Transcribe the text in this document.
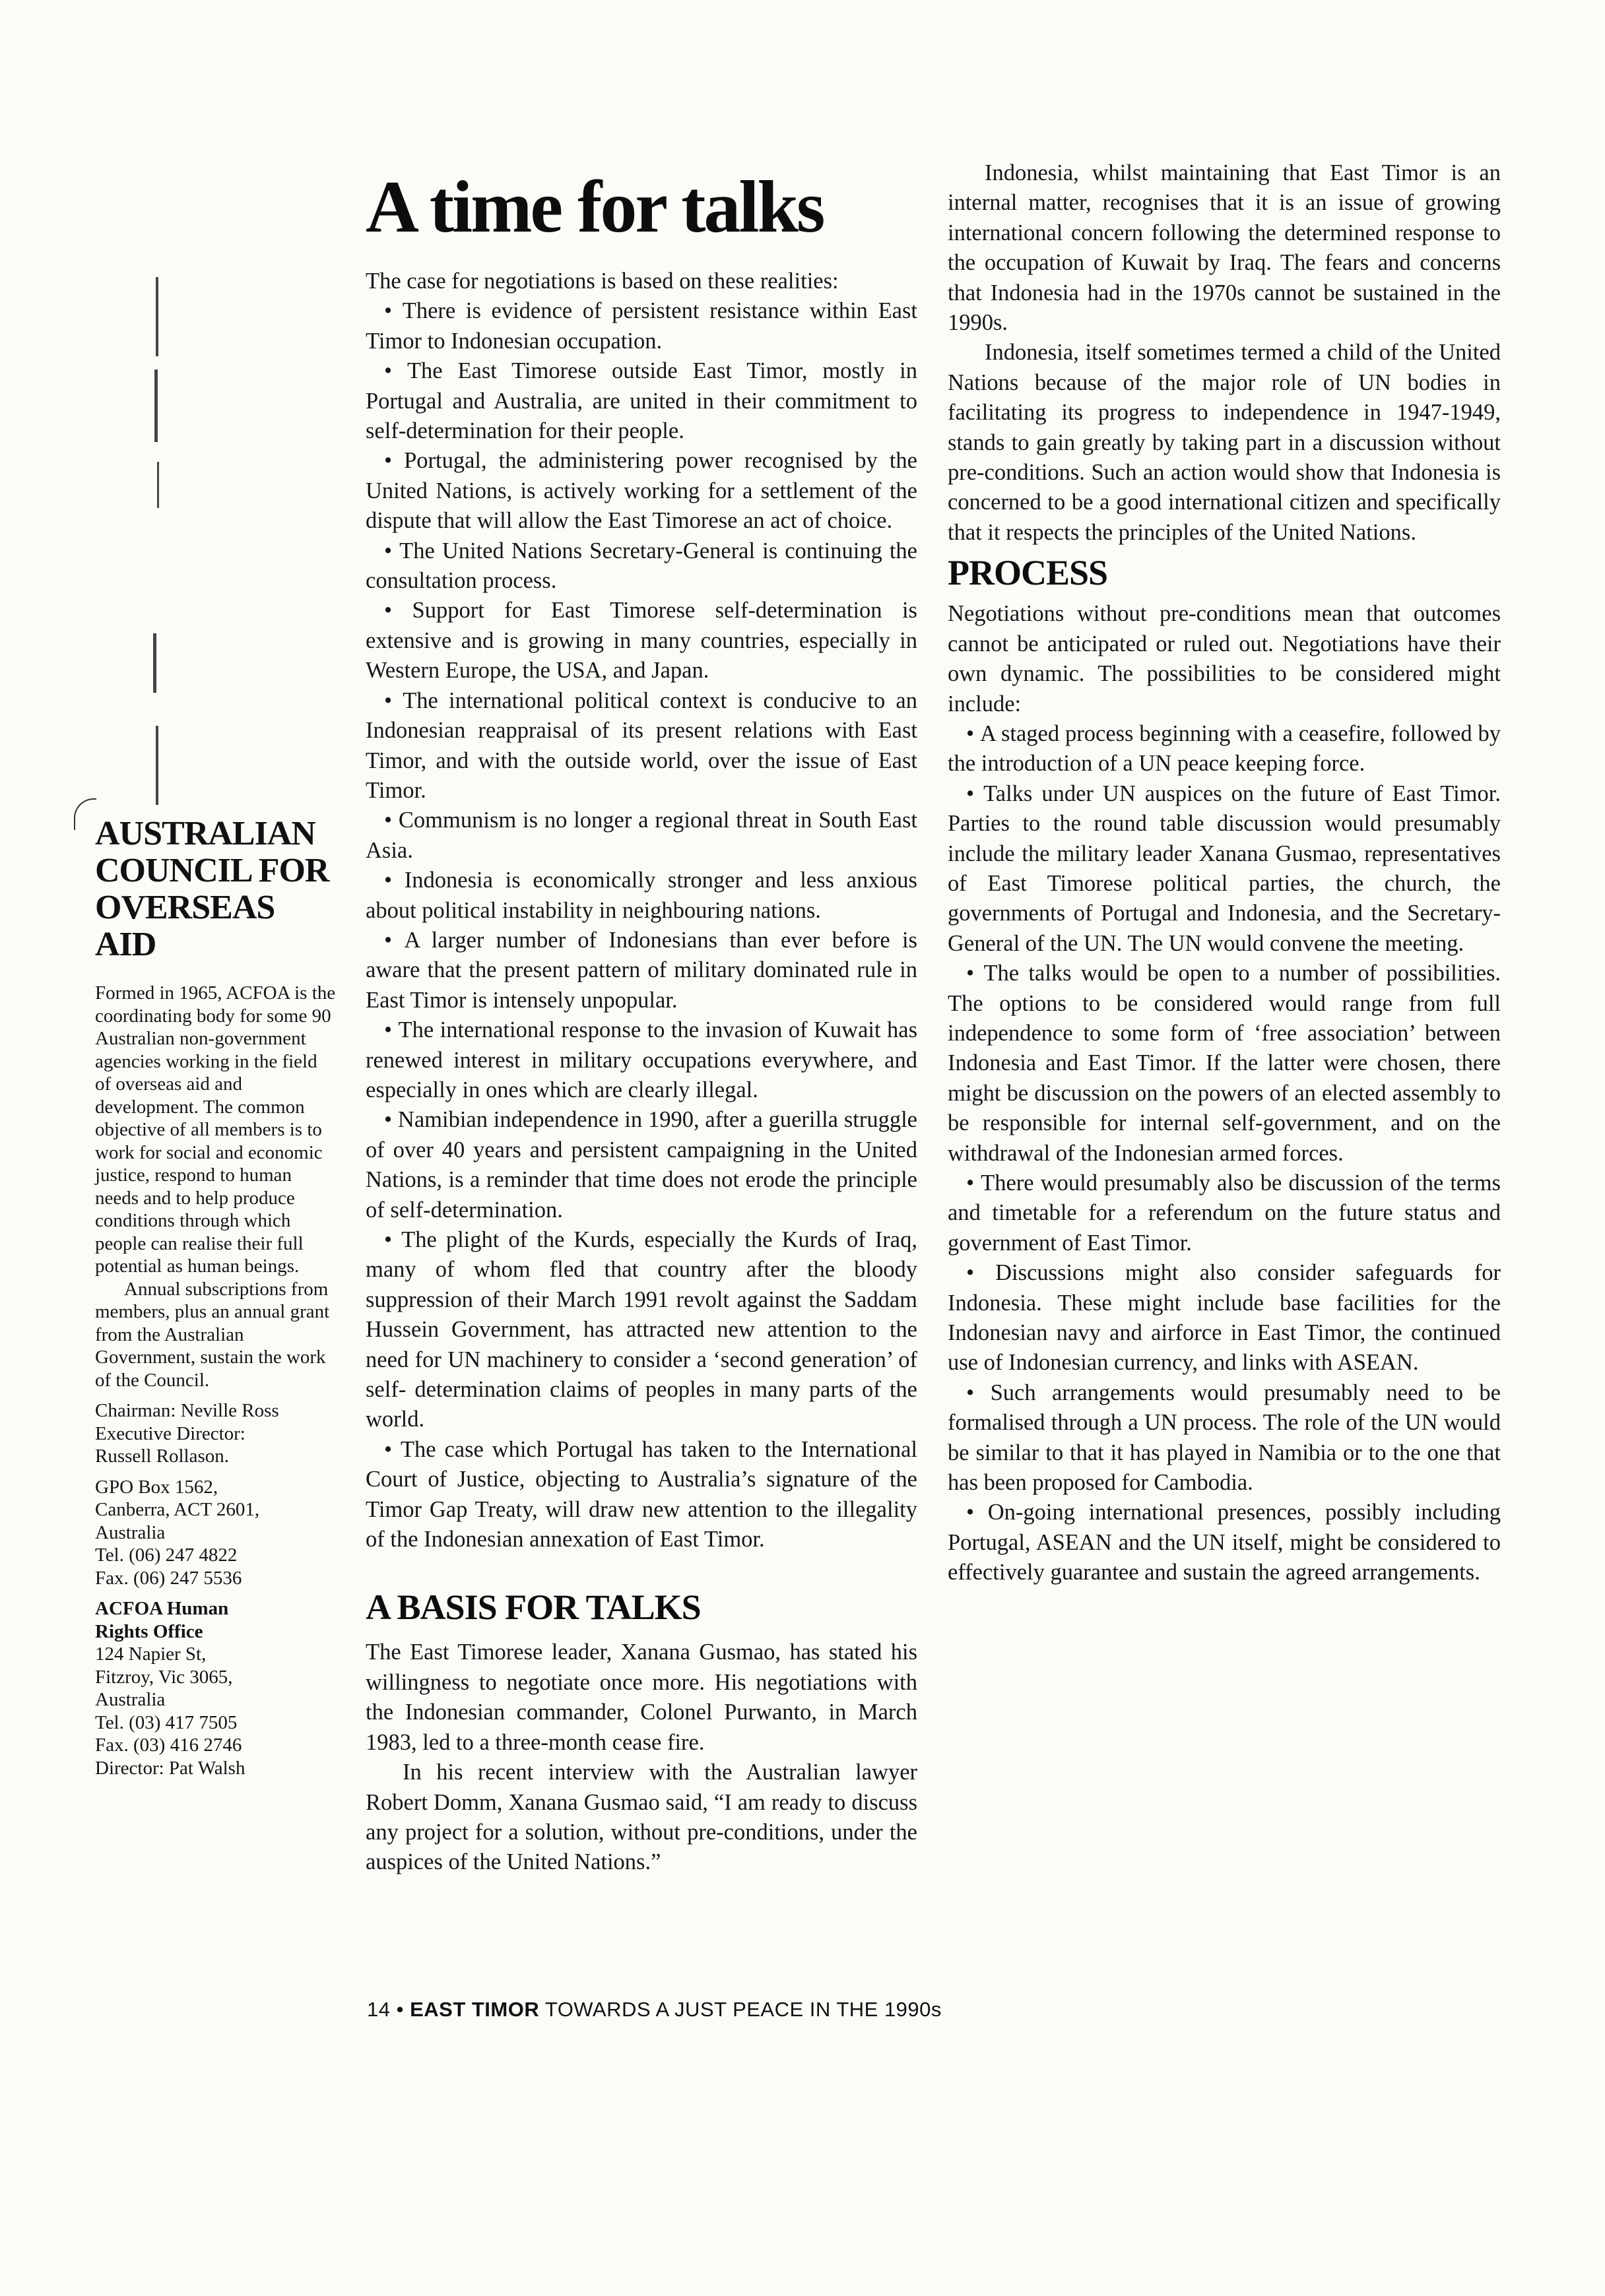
AUSTRALIAN
COUNCIL FOR
OVERSEAS AID

Formed in 1965, ACFOA is the coordinating body for some 90 Australian non-government agencies working in the field of overseas aid and development. The common objective of all members is to work for social and economic justice, respond to human needs and to help produce conditions through which people can realise their full potential as human beings.

Annual subscriptions from members, plus an annual grant from the Australian Government, sustain the work of the Council.

Chairman: Neville Ross
Executive Director:
Russell Rollason.
GPO Box 1562,
Canberra, ACT 2601,
Australia
Tel. (06) 247 4822
Fax. (06) 247 5536
ACFOA Human
Rights Office
124 Napier St,
Fitzroy, Vic 3065,
Australia
Tel. (03) 417 7505
Fax. (03) 416 2746
Director: Pat Walsh
A time for talks

The case for negotiations is based on these realities:

• There is evidence of persistent resistance within East Timor to Indonesian occupation.

• The East Timorese outside East Timor, mostly in Portugal and Australia, are united in their commitment to self-determination for their people.

• Portugal, the administering power recognised by the United Nations, is actively working for a settlement of the dispute that will allow the East Timorese an act of choice.

• The United Nations Secretary-General is continuing the consultation process.

• Support for East Timorese self-determination is extensive and is growing in many countries, especially in Western Europe, the USA, and Japan.

• The international political context is conducive to an Indonesian reappraisal of its present relations with East Timor, and with the outside world, over the issue of East Timor.

• Communism is no longer a regional threat in South East Asia.

• Indonesia is economically stronger and less anxious about political instability in neighbouring nations.

• A larger number of Indonesians than ever before is aware that the present pattern of military dominated rule in East Timor is intensely unpopular.

• The international response to the invasion of Kuwait has renewed interest in military occupations everywhere, and especially in ones which are clearly illegal.

• Namibian independence in 1990, after a guerilla struggle of over 40 years and persistent campaigning in the United Nations, is a reminder that time does not erode the principle of self-determination.

• The plight of the Kurds, especially the Kurds of Iraq, many of whom fled that country after the bloody suppression of their March 1991 revolt against the Saddam Hussein Government, has attracted new attention to the need for UN machinery to consider a ‘second generation’ of self- determination claims of peoples in many parts of the world.

• The case which Portugal has taken to the International Court of Justice, objecting to Australia’s signature of the Timor Gap Treaty, will draw new attention to the illegality of the Indonesian annexation of East Timor.

A BASIS FOR TALKS

The East Timorese leader, Xanana Gusmao, has stated his willingness to negotiate once more. His negotiations with the Indonesian commander, Colonel Purwanto, in March 1983, led to a three-month cease fire.

In his recent interview with the Australian lawyer Robert Domm, Xanana Gusmao said, “I am ready to discuss any project for a solution, without pre-conditions, under the auspices of the United Nations.”

Indonesia, whilst maintaining that East Timor is an internal matter, recognises that it is an issue of growing international concern following the determined response to the occupation of Kuwait by Iraq. The fears and concerns that Indonesia had in the 1970s cannot be sustained in the 1990s.

Indonesia, itself sometimes termed a child of the United Nations because of the major role of UN bodies in facilitating its progress to independence in 1947-1949, stands to gain greatly by taking part in a discussion without pre-conditions. Such an action would show that Indonesia is concerned to be a good international citizen and specifically that it respects the principles of the United Nations.

PROCESS

Negotiations without pre-conditions mean that outcomes cannot be anticipated or ruled out. Negotiations have their own dynamic. The possibilities to be considered might include:

• A staged process beginning with a ceasefire, followed by the introduction of a UN peace keeping force.

• Talks under UN auspices on the future of East Timor. Parties to the round table discussion would presumably include the military leader Xanana Gusmao, representatives of East Timorese political parties, the church, the governments of Portugal and Indonesia, and the Secretary-General of the UN. The UN would convene the meeting.

• The talks would be open to a number of possibilities. The options to be considered would range from full independence to some form of ‘free association’ between Indonesia and East Timor. If the latter were chosen, there might be discussion on the powers of an elected assembly to be responsible for internal self-government, and on the withdrawal of the Indonesian armed forces.

• There would presumably also be discussion of the terms and timetable for a referendum on the future status and government of East Timor.

• Discussions might also consider safeguards for Indonesia. These might include base facilities for the Indonesian navy and airforce in East Timor, the continued use of Indonesian currency, and links with ASEAN.

• Such arrangements would presumably need to be formalised through a UN process. The role of the UN would be similar to that it has played in Namibia or to the one that has been proposed for Cambodia.

• On-going international presences, possibly including Portugal, ASEAN and the UN itself, might be considered to effectively guarantee and sustain the agreed arrangements.

14 • EAST TIMOR TOWARDS A JUST PEACE IN THE 1990s
